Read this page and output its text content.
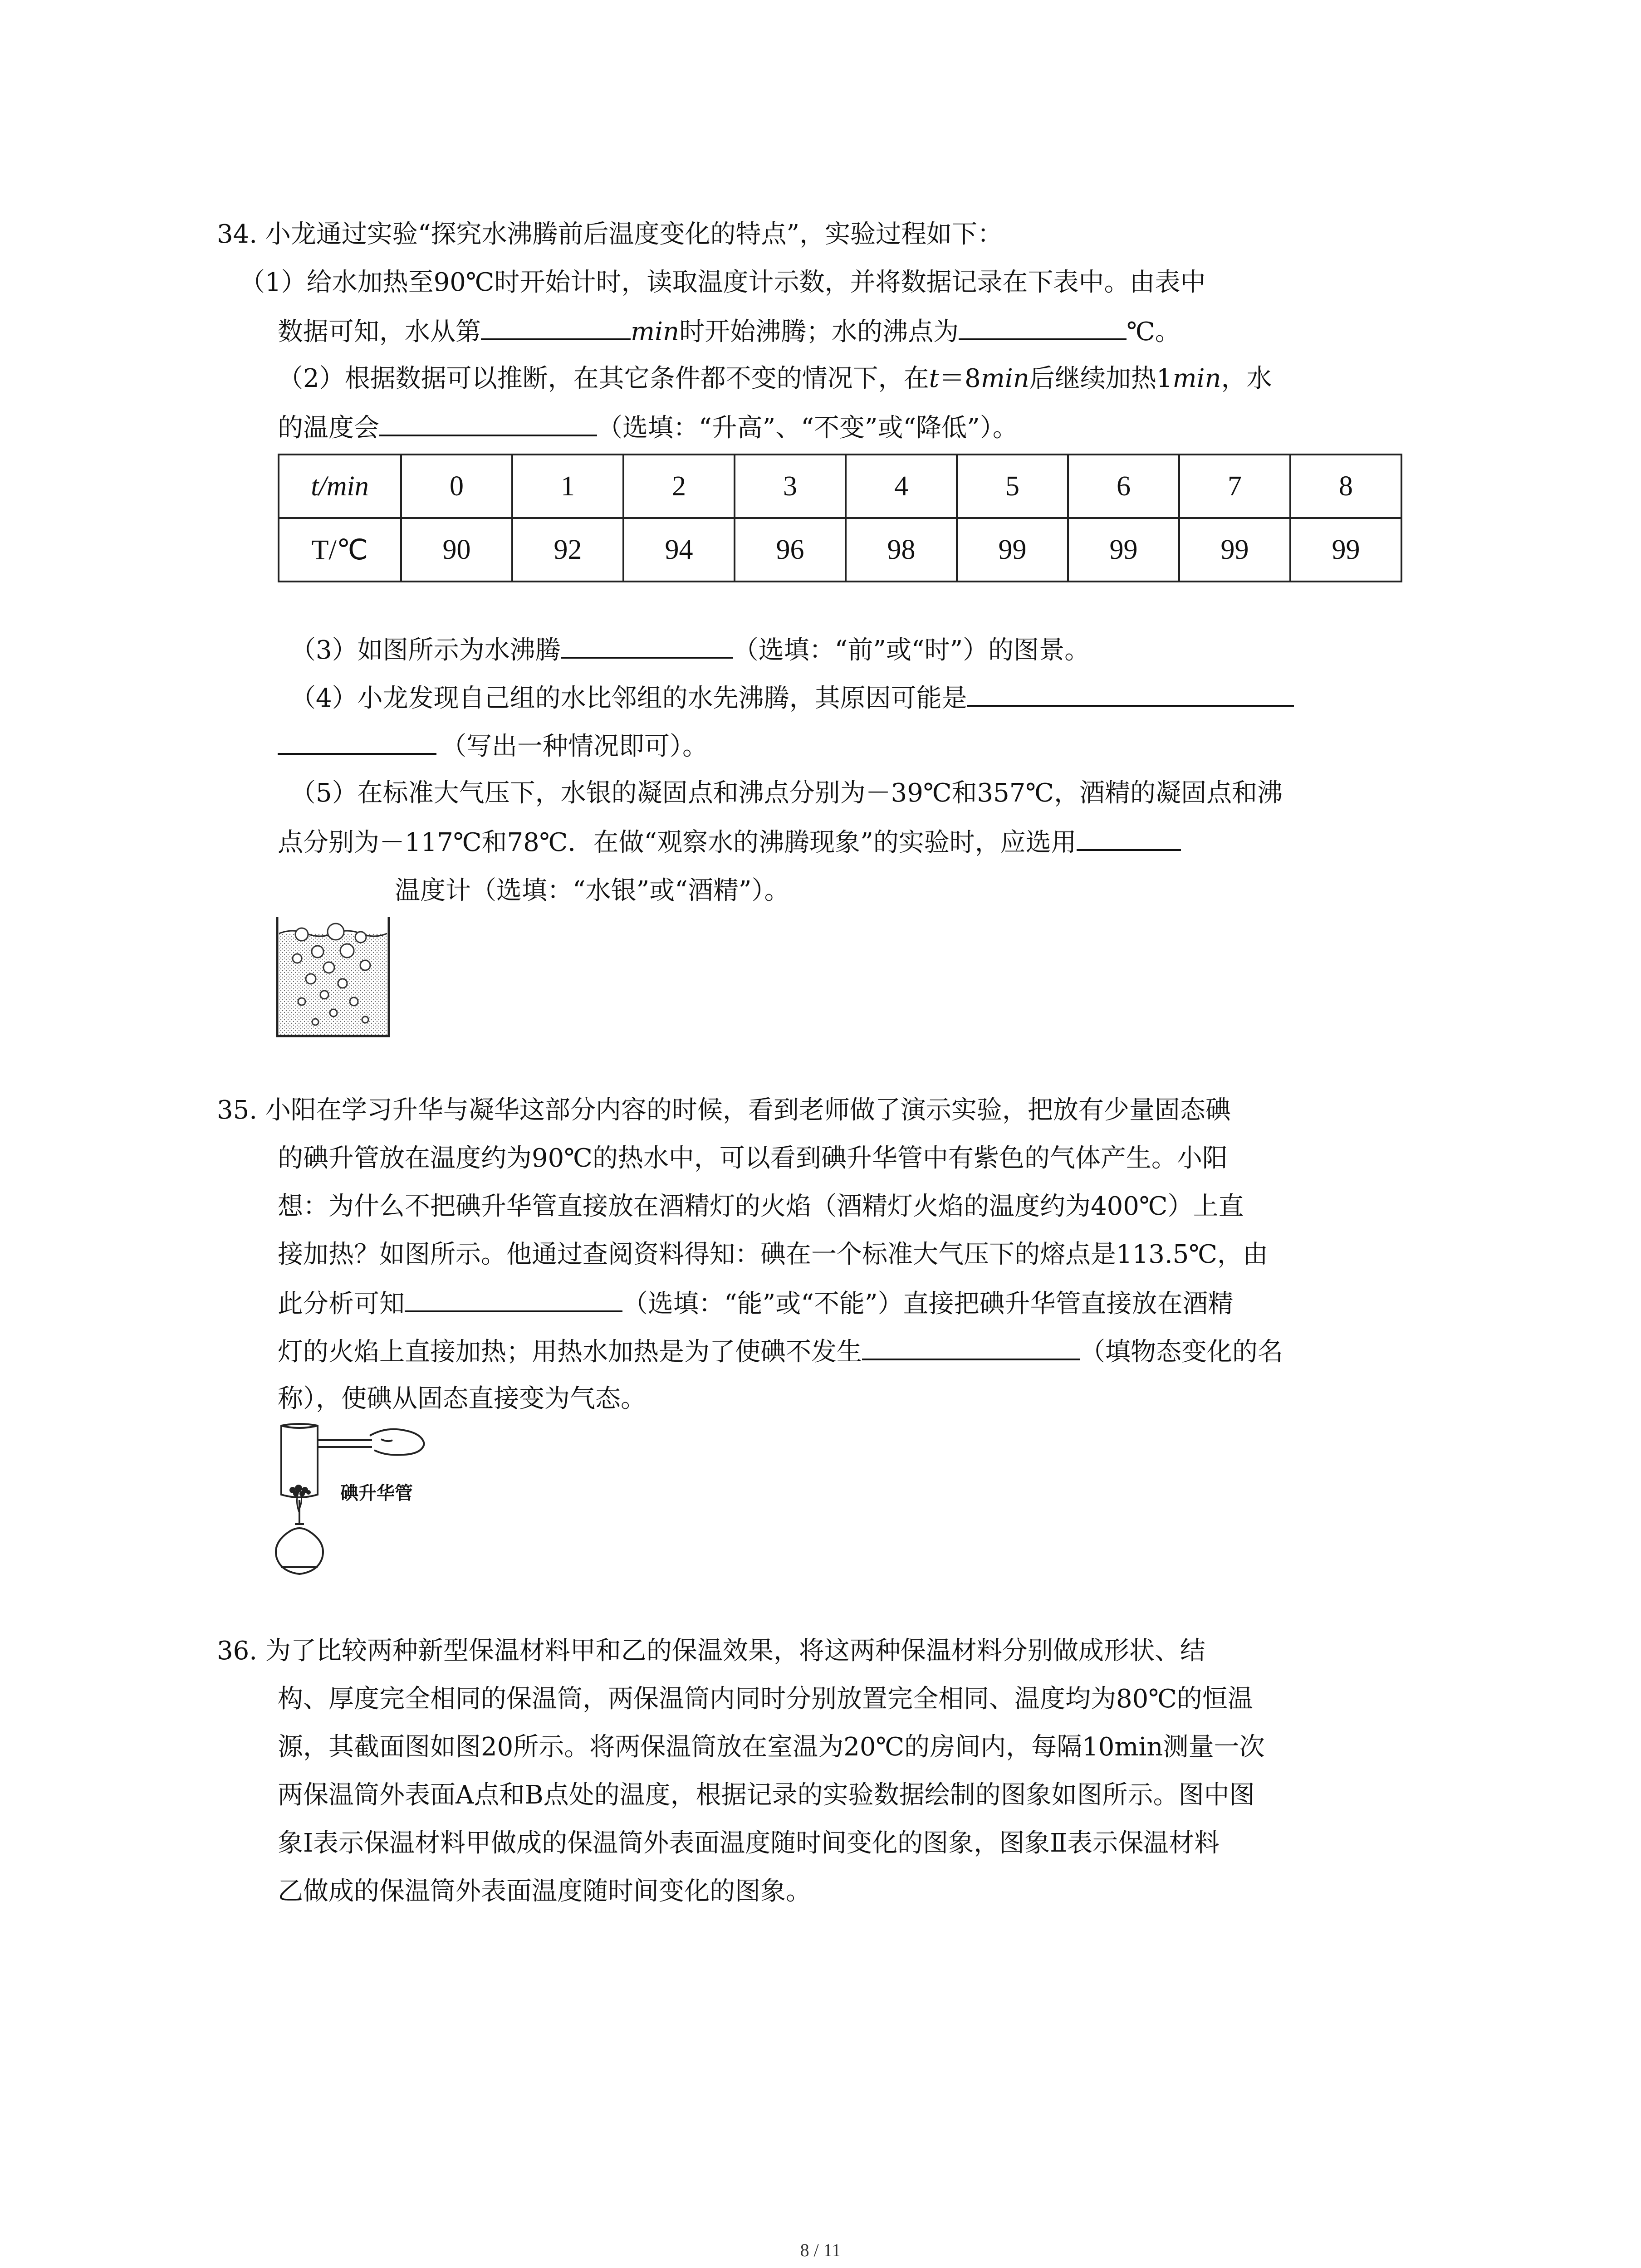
34. 小龙通过实验“探究水沸腾前后温度变化的特点”，实验过程如下：
（1）给水加热至90℃时开始计时，读取温度计示数，并将数据记录在下表中。由表中
数据可知，水从第	min时开始沸腾；水的沸点为	℃。
（2）根据数据可以推断，在其它条件都不变的情况下，在t＝8min后继续加热1min，水
的温度会	（选填：“升高”、“不变”或“降低”）。
t/min	0	1	2	3	4	5	6	7	8
T/℃	90	92	94	96	98	99	99	99	99
（3）如图所示为水沸腾	（选填：“前”或“时”）的图景。
（4）小龙发现自己组的水比邻组的水先沸腾，其原因可能是
（写出一种情况即可）。
（5）在标准大气压下，水银的凝固点和沸点分别为－39℃和357℃，酒精的凝固点和沸
点分别为－117℃和78℃．在做“观察水的沸腾现象”的实验时，应选用
温度计（选填：“水银”或“酒精”）。
35. 小阳在学习升华与凝华这部分内容的时候，看到老师做了演示实验，把放有少量固态碘
的碘升管放在温度约为90℃的热水中，可以看到碘升华管中有紫色的气体产生。小阳
想：为什么不把碘升华管直接放在酒精灯的火焰（酒精灯火焰的温度约为400℃）上直
接加热？如图所示。他通过查阅资料得知：碘在一个标准大气压下的熔点是113.5℃，由
此分析可知	（选填：“能”或“不能”）直接把碘升华管直接放在酒精
灯的火焰上直接加热；用热水加热是为了使碘不发生	（填物态变化的名
称），使碘从固态直接变为气态。
碘升华管
36. 为了比较两种新型保温材料甲和乙的保温效果，将这两种保温材料分别做成形状、结
构、厚度完全相同的保温筒，两保温筒内同时分别放置完全相同、温度均为80℃的恒温
源，其截面图如图20所示。将两保温筒放在室温为20℃的房间内，每隔10min测量一次
两保温筒外表面A点和B点处的温度，根据记录的实验数据绘制的图象如图所示。图中图
象Ⅰ表示保温材料甲做成的保温筒外表面温度随时间变化的图象，图象Ⅱ表示保温材料
乙做成的保温筒外表面温度随时间变化的图象。
8 / 11
